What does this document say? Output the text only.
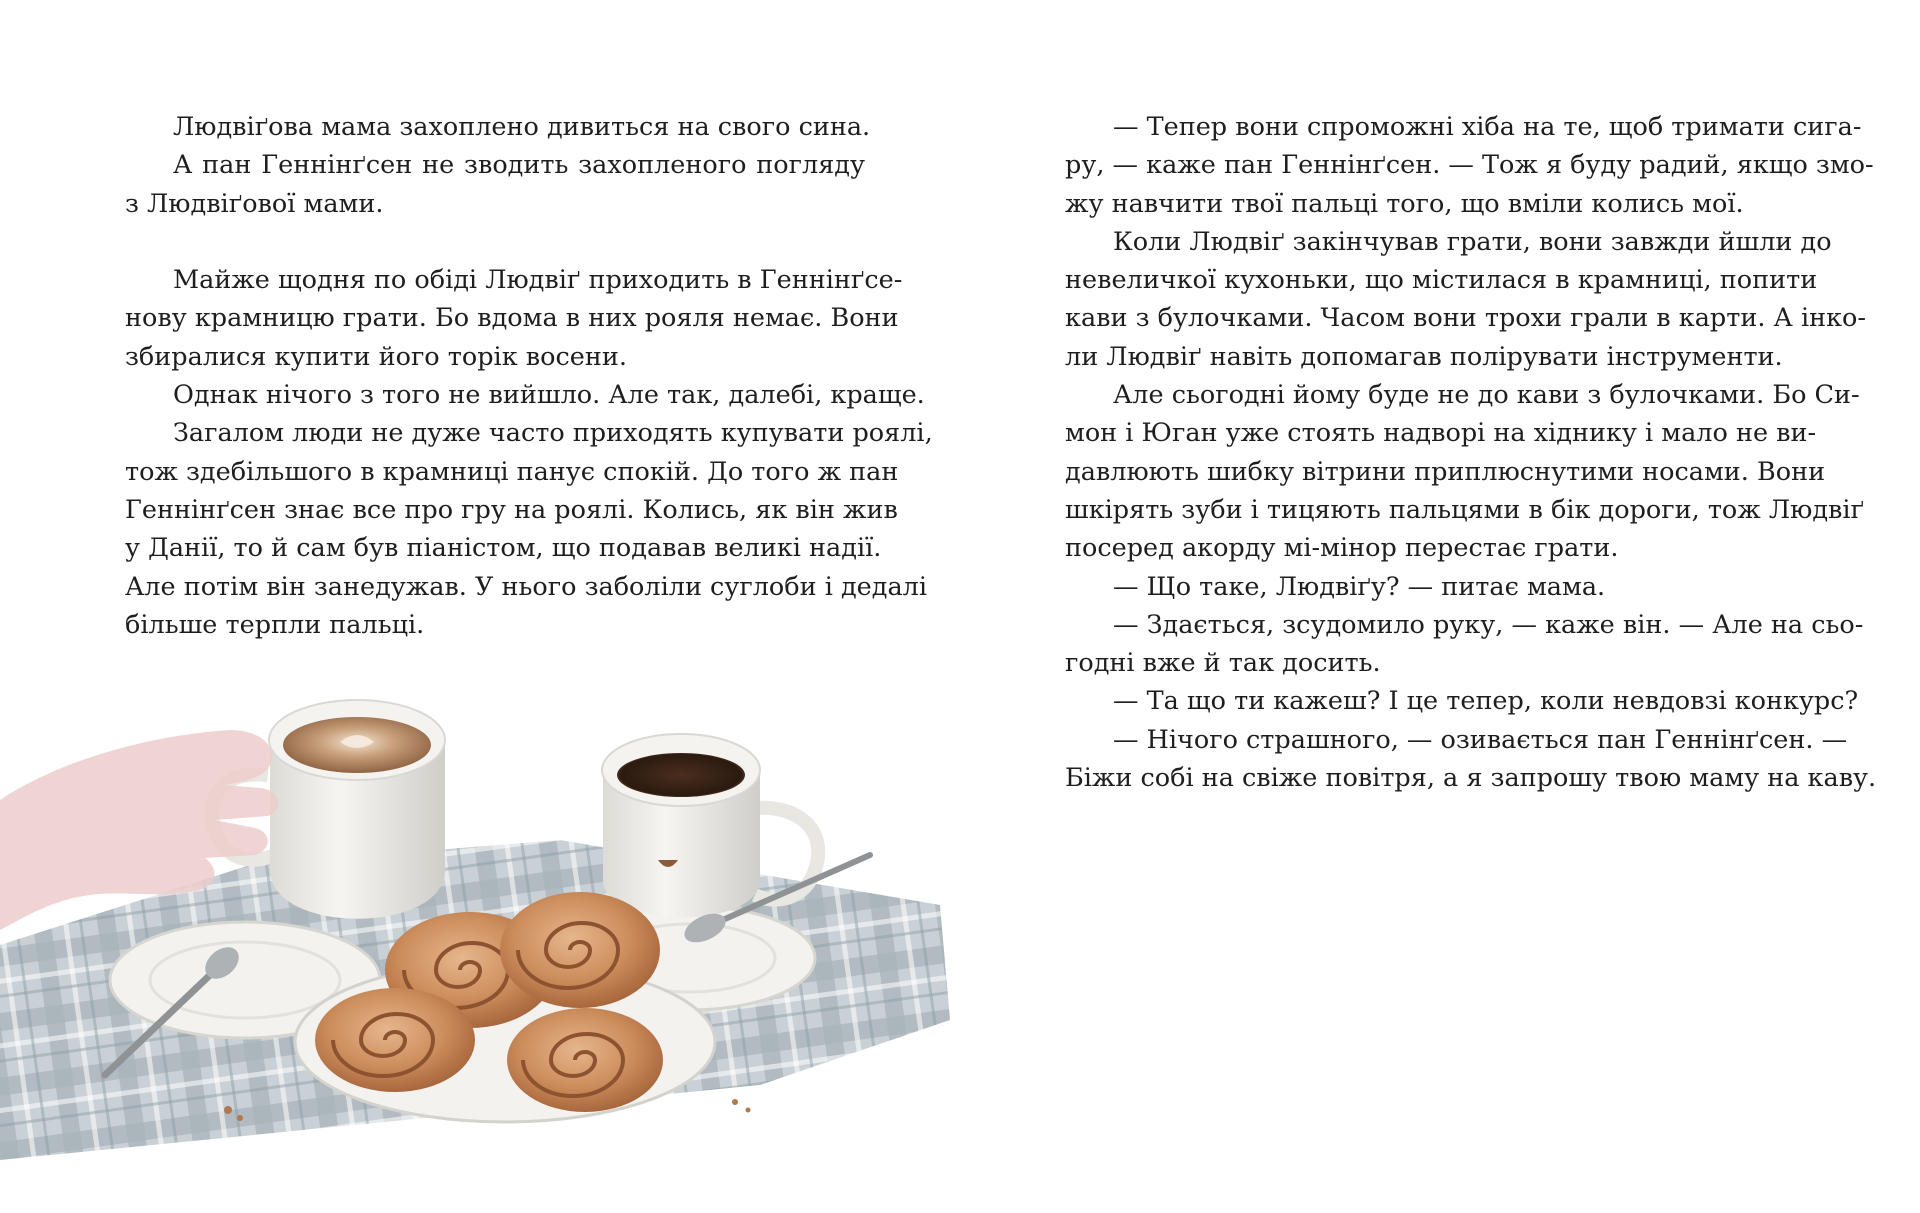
Людвіґова мама захоплено дивиться на свого сина.
А пан Геннінґсен не зводить захопленого погляду
з Людвіґової мами.
Майже щодня по обіді Людвіґ приходить в Геннінґсе-
нову крамницю грати. Бо вдома в них рояля немає. Вони
збиралися купити його торік восени.
Однак нічого з того не вийшло. Але так, далебі, краще.
Загалом люди не дуже часто приходять купувати роялі,
тож здебільшого в крамниці панує спокій. До того ж пан
Геннінґсен знає все про гру на роялі. Колись, як він жив
у Данії, то й сам був піаністом, що подавав великі надії.
Але потім він занедужав. У нього заболіли суглоби і дедалі
більше терпли пальці.
— Тепер вони спроможні хіба на те, щоб тримати сига-
ру, — каже пан Геннінґсен. — Тож я буду радий, якщо змо-
жу навчити твої пальці того, що вміли колись мої.
Коли Людвіґ закінчував грати, вони завжди йшли до
невеличкої кухоньки, що містилася в крамниці, попити
кави з булочками. Часом вони трохи грали в карти. А інко-
ли Людвіґ навіть допомагав полірувати інструменти.
Але сьогодні йому буде не до кави з булочками. Бо Си-
мон і Юган уже стоять надворі на хіднику і мало не ви-
давлюють шибку вітрини приплюснутими носами. Вони
шкірять зуби і тицяють пальцями в бік дороги, тож Людвіґ
посеред акорду мі-мінор перестає грати.
— Що таке, Людвіґу? — питає мама.
— Здається, зсудомило руку, — каже він. — Але на сьо-
годні вже й так досить.
— Та що ти кажеш? І це тепер, коли невдовзі конкурс?
— Нічого страшного, — озивається пан Геннінґсен. —
Біжи собі на свіже повітря, а я запрошу твою маму на каву.
